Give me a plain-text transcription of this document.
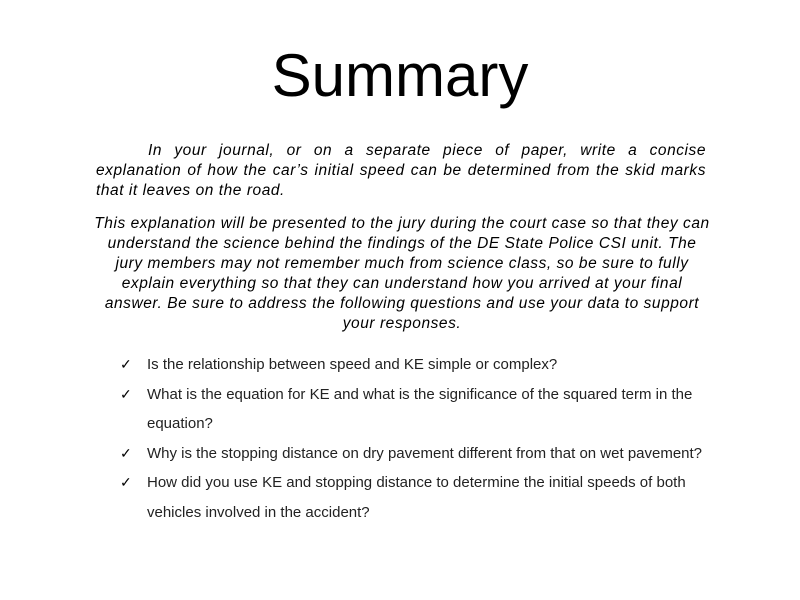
Summary

In your journal, or on a separate piece of paper, write a concise explanation of how the car’s initial speed can be determined from the skid marks that it leaves on the road.

This explanation will be presented to the jury during the court case so that they can understand the science behind the findings of the DE State Police CSI unit. The jury members may not remember much from science class, so be sure to fully explain everything so that they can understand how you arrived at your final answer. Be sure to address the following questions and use your data to support your responses.

✓ Is the relationship between speed and KE simple or complex?
✓ What is the equation for KE and what is the significance of the squared term in the equation?
✓ Why is the stopping distance on dry pavement different from that on wet pavement?
✓ How did you use KE and stopping distance to determine the initial speeds of both vehicles involved in the accident?
